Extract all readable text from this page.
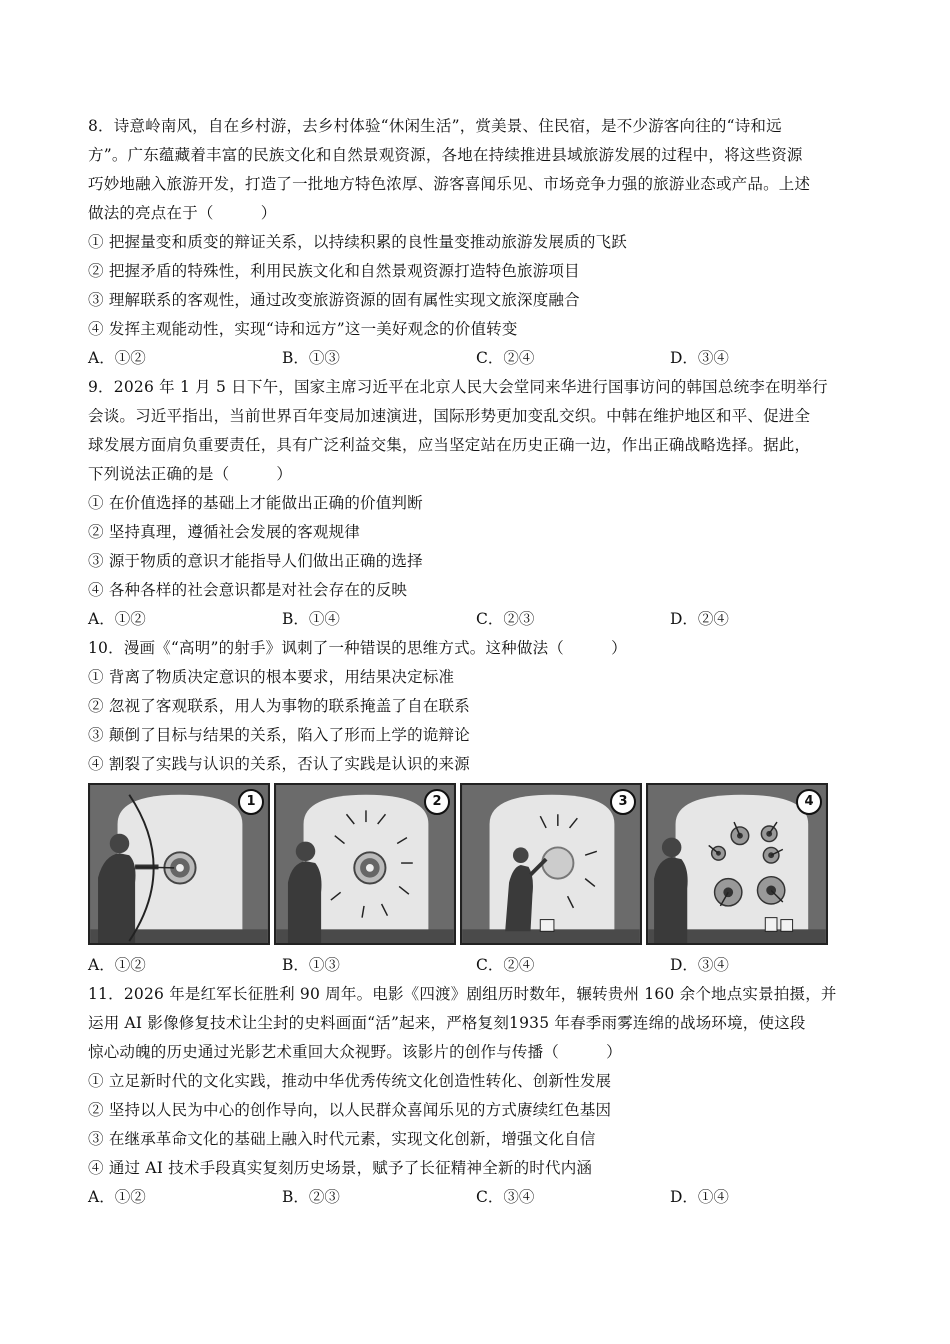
8．诗意岭南风，自在乡村游，去乡村体验“休闲生活”，赏美景、住民宿，是不少游客向往的“诗和远
方”。广东蕴藏着丰富的民族文化和自然景观资源，各地在持续推进县域旅游发展的过程中，将这些资源
巧妙地融入旅游开发，打造了一批地方特色浓厚、游客喜闻乐见、市场竞争力强的旅游业态或产品。上述
做法的亮点在于（　　　）
① 把握量变和质变的辩证关系，以持续积累的良性量变推动旅游发展质的飞跃
② 把握矛盾的特殊性，利用民族文化和自然景观资源打造特色旅游项目
③ 理解联系的客观性，通过改变旅游资源的固有属性实现文旅深度融合
④ 发挥主观能动性，实现“诗和远方”这一美好观念的价值转变
A．①②	B．①③	C．②④	D．③④
9．2026 年 1 月 5 日下午，国家主席习近平在北京人民大会堂同来华进行国事访问的韩国总统李在明举行
会谈。习近平指出，当前世界百年变局加速演进，国际形势更加变乱交织。中韩在维护地区和平、促进全
球发展方面肩负重要责任，具有广泛利益交集，应当坚定站在历史正确一边，作出正确战略选择。据此，
下列说法正确的是（　　　）
① 在价值选择的基础上才能做出正确的价值判断
② 坚持真理，遵循社会发展的客观规律
③ 源于物质的意识才能指导人们做出正确的选择
④ 各种各样的社会意识都是对社会存在的反映
A．①②	B．①④	C．②③	D．②④
10．漫画《“高明”的射手》讽刺了一种错误的思维方式。这种做法（　　　）
① 背离了物质决定意识的根本要求，用结果决定标准
② 忽视了客观联系，用人为事物的联系掩盖了自在联系
③ 颠倒了目标与结果的关系，陷入了形而上学的诡辩论
④ 割裂了实践与认识的关系，否认了实践是认识的来源
1	2	3	4
A．①②	B．①③	C．②④	D．③④
11．2026 年是红军长征胜利 90 周年。电影《四渡》剧组历时数年，辗转贵州 160 余个地点实景拍摄，并
运用 AI 影像修复技术让尘封的史料画面“活”起来，严格复刻1935 年春季雨雾连绵的战场环境，使这段
惊心动魄的历史通过光影艺术重回大众视野。该影片的创作与传播（　　　）
① 立足新时代的文化实践，推动中华优秀传统文化创造性转化、创新性发展
② 坚持以人民为中心的创作导向，以人民群众喜闻乐见的方式赓续红色基因
③ 在继承革命文化的基础上融入时代元素，实现文化创新，增强文化自信
④ 通过 AI 技术手段真实复刻历史场景，赋予了长征精神全新的时代内涵
A．①②	B．②③	C．③④	D．①④
